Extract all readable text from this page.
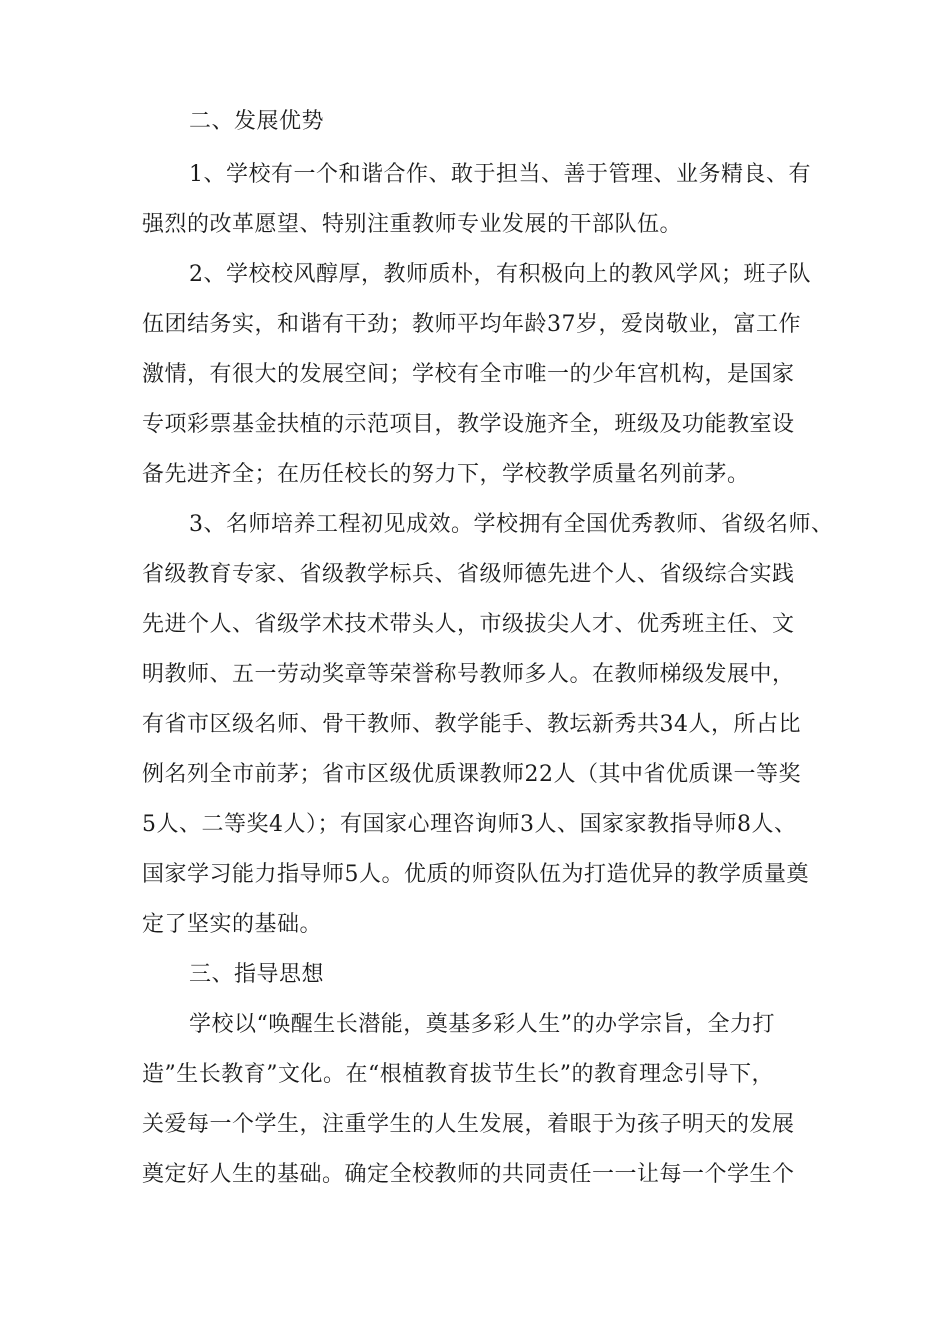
二、发展优势
1、学校有一个和谐合作、敢于担当、善于管理、业务精良、有
强烈的改革愿望、特别注重教师专业发展的干部队伍。
2、学校校风醇厚，教师质朴，有积极向上的教风学风；班子队
伍团结务实，和谐有干劲；教师平均年龄37岁，爱岗敬业，富工作
激情，有很大的发展空间；学校有全市唯一的少年宫机构，是国家
专项彩票基金扶植的示范项目，教学设施齐全，班级及功能教室设
备先进齐全；在历任校长的努力下，学校教学质量名列前茅。
3、名师培养工程初见成效。学校拥有全国优秀教师、省级名师、
省级教育专家、省级教学标兵、省级师德先进个人、省级综合实践
先进个人、省级学术技术带头人，市级拔尖人才、优秀班主任、文
明教师、五一劳动奖章等荣誉称号教师多人。在教师梯级发展中，
有省市区级名师、骨干教师、教学能手、教坛新秀共34人，所占比
例名列全市前茅；省市区级优质课教师22人（其中省优质课一等奖
5人、二等奖4人）；有国家心理咨询师3人、国家家教指导师8人、
国家学习能力指导师5人。优质的师资队伍为打造优异的教学质量奠
定了坚实的基础。
三、指导思想
学校以“唤醒生长潜能，奠基多彩人生”的办学宗旨，全力打
造”生长教育”文化。在“根植教育拔节生长”的教育理念引导下，
关爱每一个学生，注重学生的人生发展，着眼于为孩子明天的发展
奠定好人生的基础。确定全校教师的共同责任一一让每一个学生个
